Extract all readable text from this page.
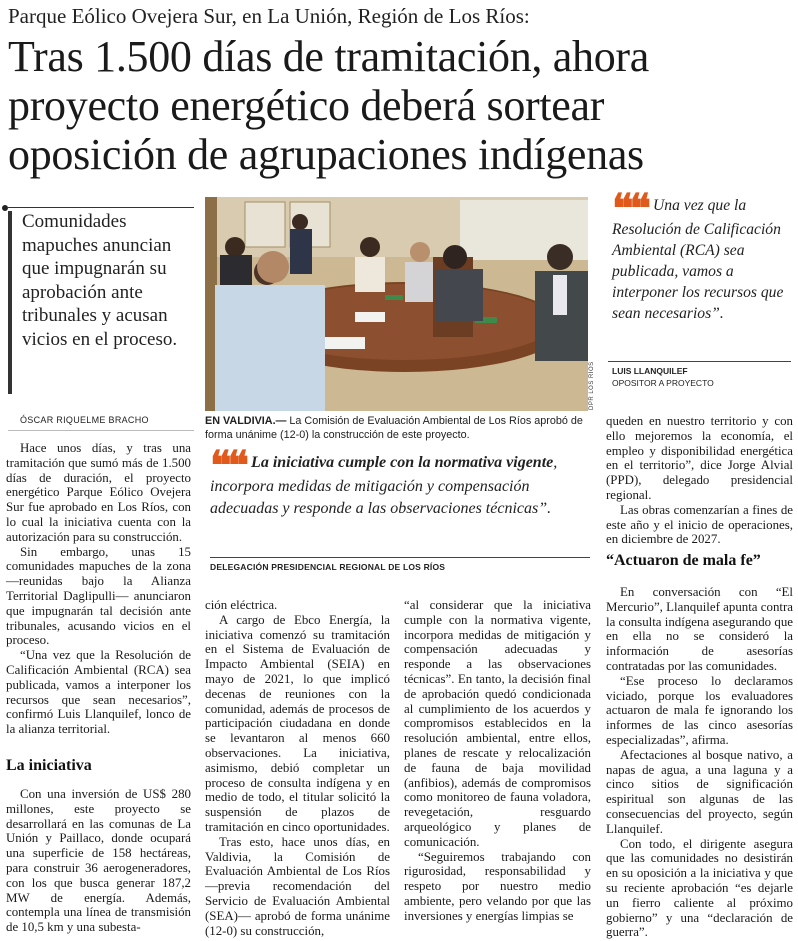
Parque Eólico Ovejera Sur, en La Unión, Región de Los Ríos:
Tras 1.500 días de tramitación, ahora
proyecto energético deberá sortear
oposición de agrupaciones indígenas
Comunidades mapuches anuncian que impugnarán su aprobación ante tribunales y acusan vicios en el proceso.
ÓSCAR RIQUELME BRACHO
DPR LOS RÍOS
EN VALDIVIA.— La Comisión de Evaluación Ambiental de Los Ríos aprobó de forma unánime (12-0) la construcción de este proyecto.
❝❝ Una vez que la Resolución de Calificación Ambiental (RCA) sea publicada, vamos a interponer los recursos que sean necesarios”.
LUIS LLANQUILEF
OPOSITOR A PROYECTO
❝❝ La iniciativa cumple con la normativa vigente, incorpora medidas de mitigación y compensación adecuadas y responde a las observaciones técnicas”.
DELEGACIÓN PRESIDENCIAL REGIONAL DE LOS RÍOS

Hace unos días, y tras una tramitación que sumó más de 1.500 días de duración, el proyecto energético Parque Eólico Ovejera Sur fue aprobado en Los Ríos, con lo cual la iniciativa cuenta con la autorización para su construcción.

Sin embargo, unas 15 comunidades mapuches de la zona —reunidas bajo la Alianza Territorial Daglipulli— anunciaron que impugnarán tal decisión ante tribunales, acusando vicios en el proceso.

“Una vez que la Resolución de Calificación Ambiental (RCA) sea publicada, vamos a interponer los recursos que sean necesarios”, confirmó Luis Llanquilef, lonco de la alianza territorial.

La iniciativa

Con una inversión de US$ 280 millones, este proyecto se desarrollará en las comunas de La Unión y Paillaco, donde ocupará una superficie de 158 hectáreas, para construir 36 aerogeneradores, con los que busca generar 187,2 MW de energía. Además, contempla una línea de transmisión de 10,5 km y una subesta-

ción eléctrica.

A cargo de Ebco Energía, la iniciativa comenzó su tramitación en el Sistema de Evaluación de Impacto Ambiental (SEIA) en mayo de 2021, lo que implicó decenas de reuniones con la comunidad, además de procesos de participación ciudadana en donde se levantaron al menos 660 observaciones. La iniciativa, asimismo, debió completar un proceso de consulta indígena y en medio de todo, el titular solicitó la suspensión de plazos de tramitación en cinco oportunidades.

Tras esto, hace unos días, en Valdivia, la Comisión de Evaluación Ambiental de Los Ríos —previa recomendación del Servicio de Evaluación Ambiental (SEA)— aprobó de forma unánime (12-0) su construcción,

“al considerar que la iniciativa cumple con la normativa vigente, incorpora medidas de mitigación y compensación adecuadas y responde a las observaciones técnicas”. En tanto, la decisión final de aprobación quedó condicionada al cumplimiento de los acuerdos y compromisos establecidos en la resolución ambiental, entre ellos, planes de rescate y relocalización de fauna de baja movilidad (anfibios), además de compromisos como monitoreo de fauna voladora, revegetación, resguardo arqueológico y planes de comunicación.

“Seguiremos trabajando con rigurosidad, responsabilidad y respeto por nuestro medio ambiente, pero velando por que las inversiones y energías limpias se

queden en nuestro territorio y con ello mejoremos la economía, el empleo y disponibilidad energética en el territorio”, dice Jorge Alvial (PPD), delegado presidencial regional.

Las obras comenzarían a fines de este año y el inicio de operaciones, en diciembre de 2027.

“Actuaron de mala fe”

En conversación con “El Mercurio”, Llanquilef apunta contra la consulta indígena asegurando que en ella no se consideró la información de asesorías contratadas por las comunidades.

“Ese proceso lo declaramos viciado, porque los evaluadores actuaron de mala fe ignorando los informes de las cinco asesorías especializadas”, afirma.

Afectaciones al bosque nativo, a napas de agua, a una laguna y a cinco sitios de significación espiritual son algunas de las consecuencias del proyecto, según Llanquilef.

Con todo, el dirigente asegura que las comunidades no desistirán en su oposición a la iniciativa y que su reciente aprobación “es dejarle un fierro caliente al próximo gobierno” y una “declaración de guerra”.
